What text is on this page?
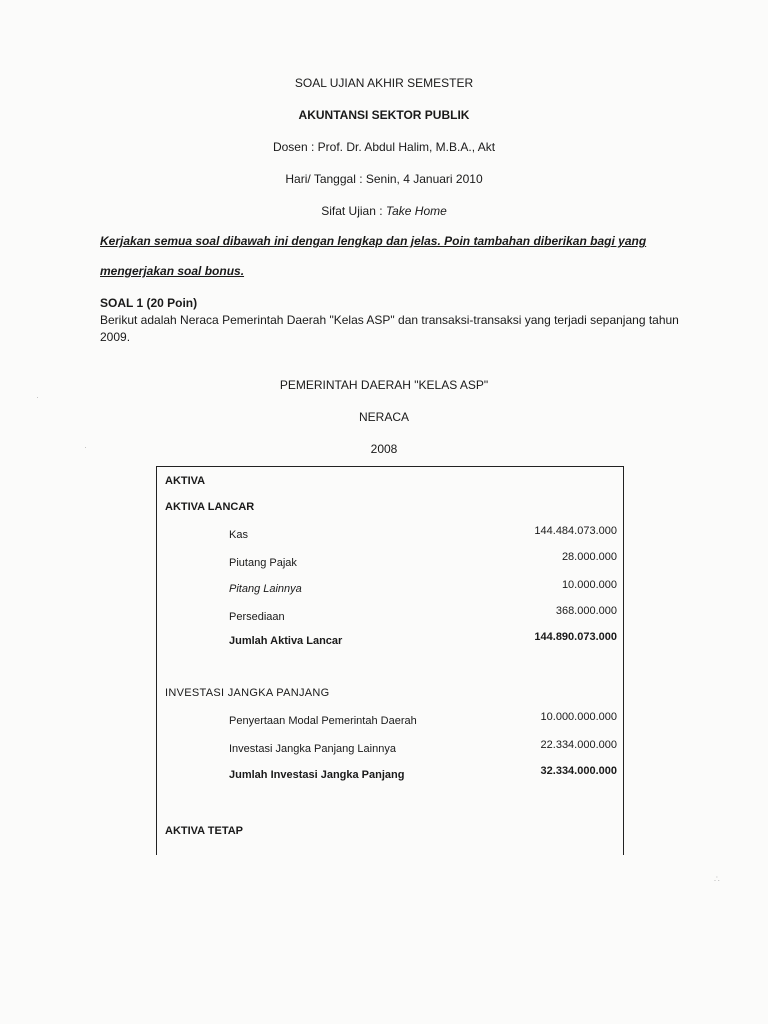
SOAL UJIAN AKHIR SEMESTER
AKUNTANSI SEKTOR PUBLIK
Dosen : Prof. Dr. Abdul Halim, M.B.A., Akt
Hari/ Tanggal : Senin, 4 Januari 2010
Sifat Ujian : Take Home
Kerjakan semua soal dibawah ini dengan lengkap dan jelas. Poin tambahan diberikan bagi yang
mengerjakan soal bonus.
SOAL 1 (20 Poin)
Berikut adalah Neraca Pemerintah Daerah "Kelas ASP" dan transaksi-transaksi yang terjadi sepanjang tahun 2009.
PEMERINTAH DAERAH "KELAS ASP"
NERACA
2008
AKTIVA
AKTIVA LANCAR
Kas	144.484.073.000
Piutang Pajak	28.000.000
Pitang Lainnya	10.000.000
Persediaan	368.000.000
Jumlah Aktiva Lancar	144.890.073.000
INVESTASI JANGKA PANJANG
Penyertaan Modal Pemerintah Daerah	10.000.000.000
Investasi Jangka Panjang Lainnya	22.334.000.000
Jumlah Investasi Jangka Panjang	32.334.000.000
AKTIVA TETAP
·
·
∴
